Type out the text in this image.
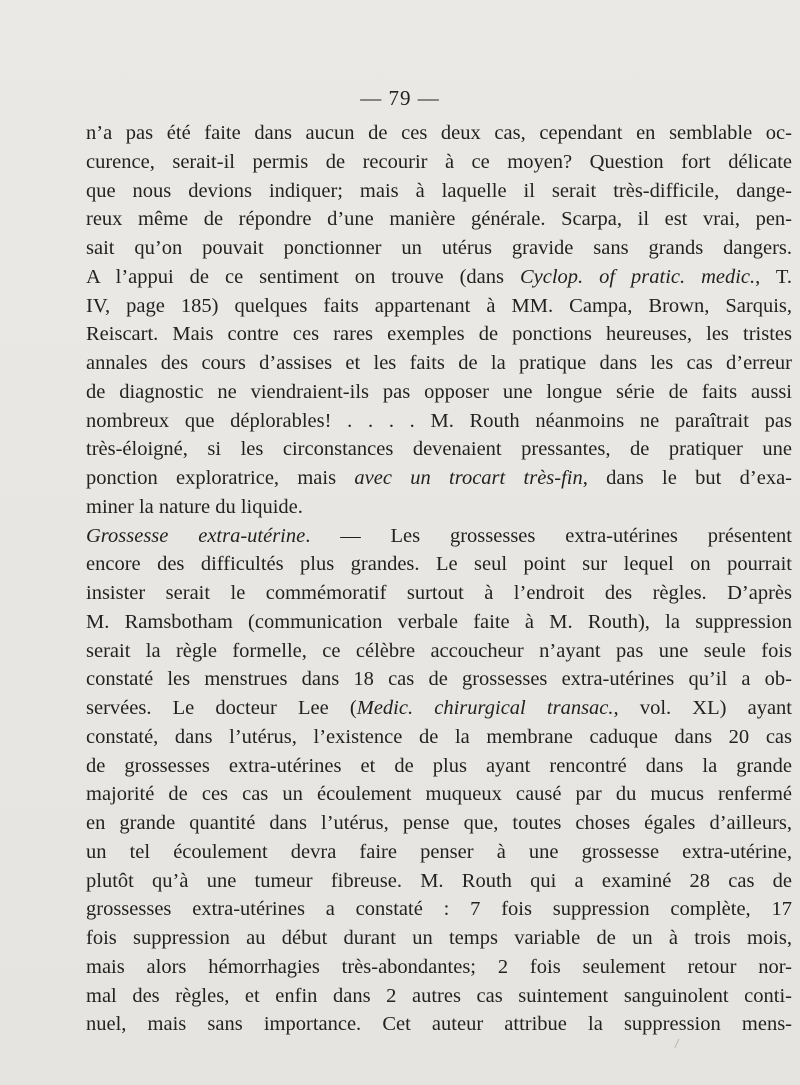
— 79 —

n’a pas été faite dans aucun de ces deux cas, cependant en semblable oc-
curence, serait-il permis de recourir à ce moyen? Question fort délicate
que nous devions indiquer; mais à laquelle il serait très-difficile, dange-
reux même de répondre d’une manière générale. Scarpa, il est vrai, pen-
sait qu’on pouvait ponctionner un utérus gravide sans grands dangers.
A l’appui de ce sentiment on trouve (dans Cyclop. of pratic. medic., T.
IV, page 185) quelques faits appartenant à MM. Campa, Brown, Sarquis,
Reiscart. Mais contre ces rares exemples de ponctions heureuses, les tristes
annales des cours d’assises et les faits de la pratique dans les cas d’erreur
de diagnostic ne viendraient-ils pas opposer une longue série de faits aussi
nombreux que déplorables! . . . . M. Routh néanmoins ne paraîtrait pas
très-éloigné, si les circonstances devenaient pressantes, de pratiquer une
ponction exploratrice, mais avec un trocart très-fin, dans le but d’exa-
miner la nature du liquide.
Grossesse extra-utérine. — Les grossesses extra-utérines présentent
encore des difficultés plus grandes. Le seul point sur lequel on pourrait
insister serait le commémoratif surtout à l’endroit des règles. D’après
M. Ramsbotham (communication verbale faite à M. Routh), la suppression
serait la règle formelle, ce célèbre accoucheur n’ayant pas une seule fois
constaté les menstrues dans 18 cas de grossesses extra-utérines qu’il a ob-
servées. Le docteur Lee (Medic. chirurgical transac., vol. XL) ayant
constaté, dans l’utérus, l’existence de la membrane caduque dans 20 cas
de grossesses extra-utérines et de plus ayant rencontré dans la grande
majorité de ces cas un écoulement muqueux causé par du mucus renfermé
en grande quantité dans l’utérus, pense que, toutes choses égales d’ailleurs,
un tel écoulement devra faire penser à une grossesse extra-utérine,
plutôt qu’à une tumeur fibreuse. M. Routh qui a examiné 28 cas de
grossesses extra-utérines a constaté : 7 fois suppression complète, 17
fois suppression au début durant un temps variable de un à trois mois,
mais alors hémorrhagies très-abondantes; 2 fois seulement retour nor-
mal des règles, et enfin dans 2 autres cas suintement sanguinolent conti-
nuel, mais sans importance. Cet auteur attribue la suppression mens-
